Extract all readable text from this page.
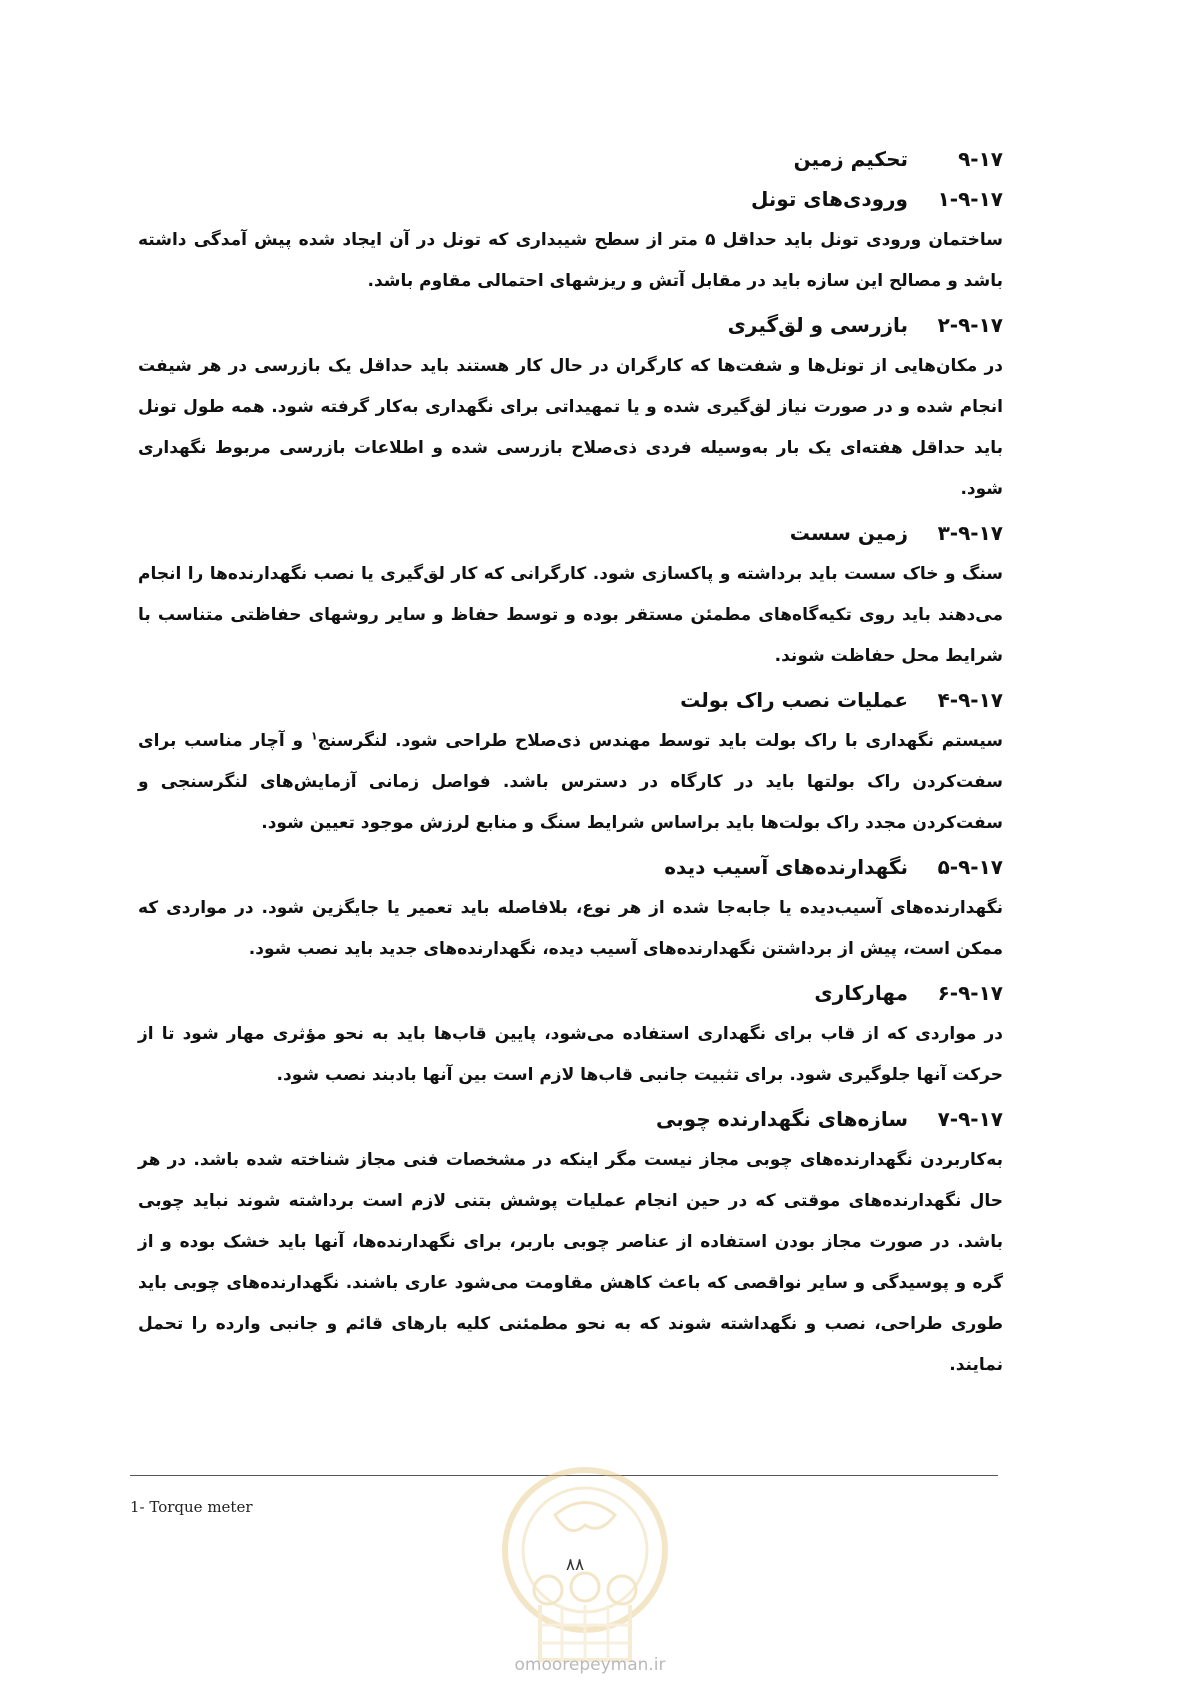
۹-۱۷
تحکیم زمین
۱-۹-۱۷
ورودی‌های تونل

ساختمان ورودی تونل باید حداقل ۵ متر از سطح شیبداری که تونل در آن ایجاد شده پیش آمدگی داشته باشد و مصالح این سازه باید در مقابل آتش و ریزشهای احتمالی مقاوم باشد.

۲-۹-۱۷
بازرسی و لق‌گیری

در مکان‌هایی از تونل‌ها و شفت‌ها که کارگران در حال کار هستند باید حداقل یک بازرسی در هر شیفت انجام شده و در صورت نیاز لق‌گیری شده و یا تمهیداتی برای نگهداری به‌کار گرفته شود. همه طول تونل باید حداقل هفته‌ای یک بار به‌وسیله فردی ذی‌صلاح بازرسی شده و اطلاعات بازرسی مربوط نگهداری شود.

۳-۹-۱۷
زمین سست

سنگ و خاک سست باید برداشته و پاکسازی شود. کارگرانی که کار لق‌گیری یا نصب نگهدارنده‌ها را انجام می‌دهند باید روی تکیه‌گاه‌های مطمئن مستقر بوده و توسط حفاظ و سایر روشهای حفاظتی متناسب با شرایط محل حفاظت شوند.

۴-۹-۱۷
عملیات نصب راک بولت

سیستم نگهداری با راک بولت باید توسط مهندس ذی‌صلاح طراحی شود. لنگرسنج$^۱$ و آچار مناسب برای سفت‌کردن راک بولتها باید در کارگاه در دسترس باشد. فواصل زمانی آزمایش‌های لنگرسنجی و سفت‌کردن مجدد راک بولت‌ها باید براساس شرایط سنگ و منابع لرزش موجود تعیین شود.

۵-۹-۱۷
نگهدارنده‌های آسیب دیده

نگهدارنده‌های آسیب‌دیده یا جابه‌جا شده از هر نوع، بلافاصله باید تعمیر یا جایگزین شود. در مواردی که ممکن است، پیش از برداشتن نگهدارنده‌های آسیب دیده، نگهدارنده‌های جدید باید نصب شود.

۶-۹-۱۷
مهارکاری

در مواردی که از قاب برای نگهداری استفاده می‌شود، پایین قاب‌ها باید به نحو مؤثری مهار شود تا از حرکت آنها جلوگیری شود. برای تثبیت جانبی قاب‌ها لازم است بین آنها بادبند نصب شود.

۷-۹-۱۷
سازه‌های نگهدارنده چوبی

به‌کاربردن نگهدارنده‌های چوبی مجاز نیست مگر اینکه در مشخصات فنی مجاز شناخته شده باشد. در هر حال نگهدارنده‌های موقتی که در حین انجام عملیات پوشش بتنی لازم است برداشته شوند نباید چوبی باشد. در صورت مجاز بودن استفاده از عناصر چوبی باربر، برای نگهدارنده‌ها، آنها باید خشک بوده و از گره و پوسیدگی و سایر نواقصی که باعث کاهش مقاومت می‌شود عاری باشند. نگهدارنده‌های چوبی باید طوری طراحی، نصب و نگهداشته شوند که به نحو مطمئنی کلیه بارهای قائم و جانبی وارده را تحمل نمایند.

1- Torque meter
۸۸
omoorepeyman.ir
